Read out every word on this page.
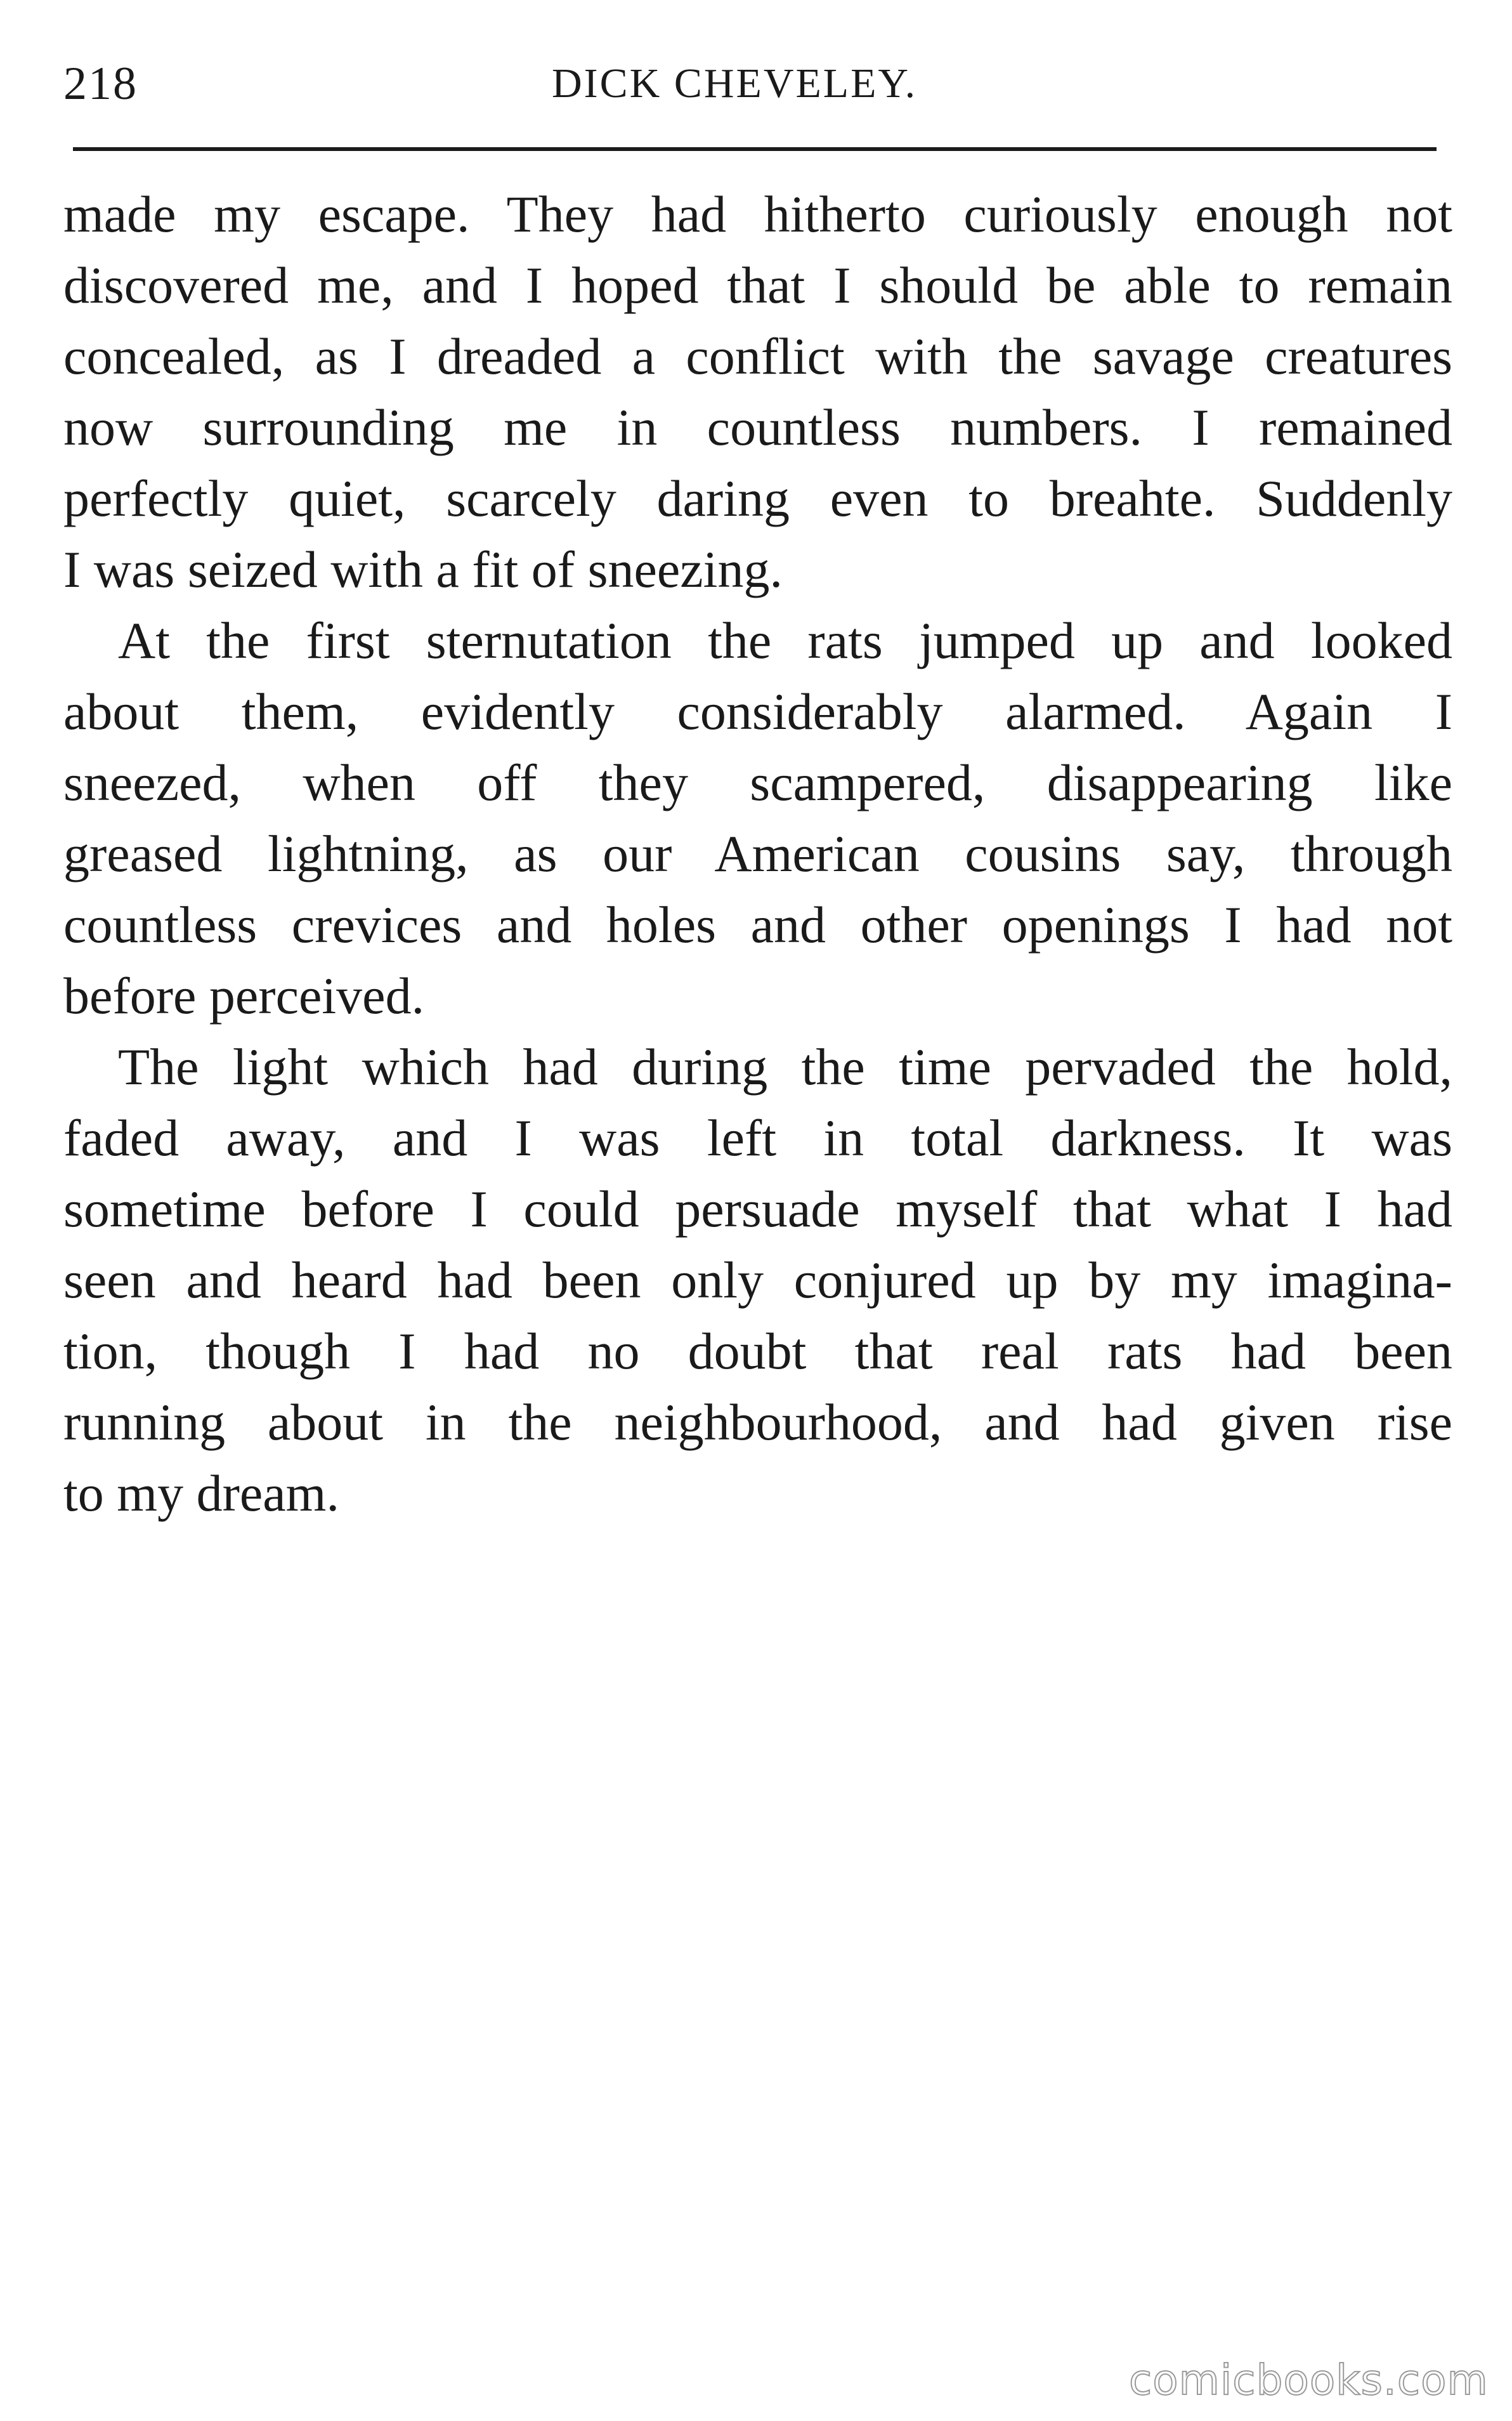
218	DICK CHEVELEY.
made my escape. They had hitherto curiously enough not
discovered me, and I hoped that I should be able to remain
concealed, as I dreaded a conflict with the savage creatures
now surrounding me in countless numbers. I remained
perfectly quiet, scarcely daring even to breahte. Suddenly
I was seized with a fit of sneezing.
At the first sternutation the rats jumped up and looked
about them, evidently considerably alarmed. Again I
sneezed, when off they scampered, disappearing like
greased lightning, as our American cousins say, through
countless crevices and holes and other openings I had not
before perceived.
The light which had during the time pervaded the hold,
faded away, and I was left in total darkness. It was
sometime before I could persuade myself that what I had
seen and heard had been only conjured up by my imagina-
tion, though I had no doubt that real rats had been
running about in the neighbourhood, and had given rise
to my dream.
comicbooks.com
